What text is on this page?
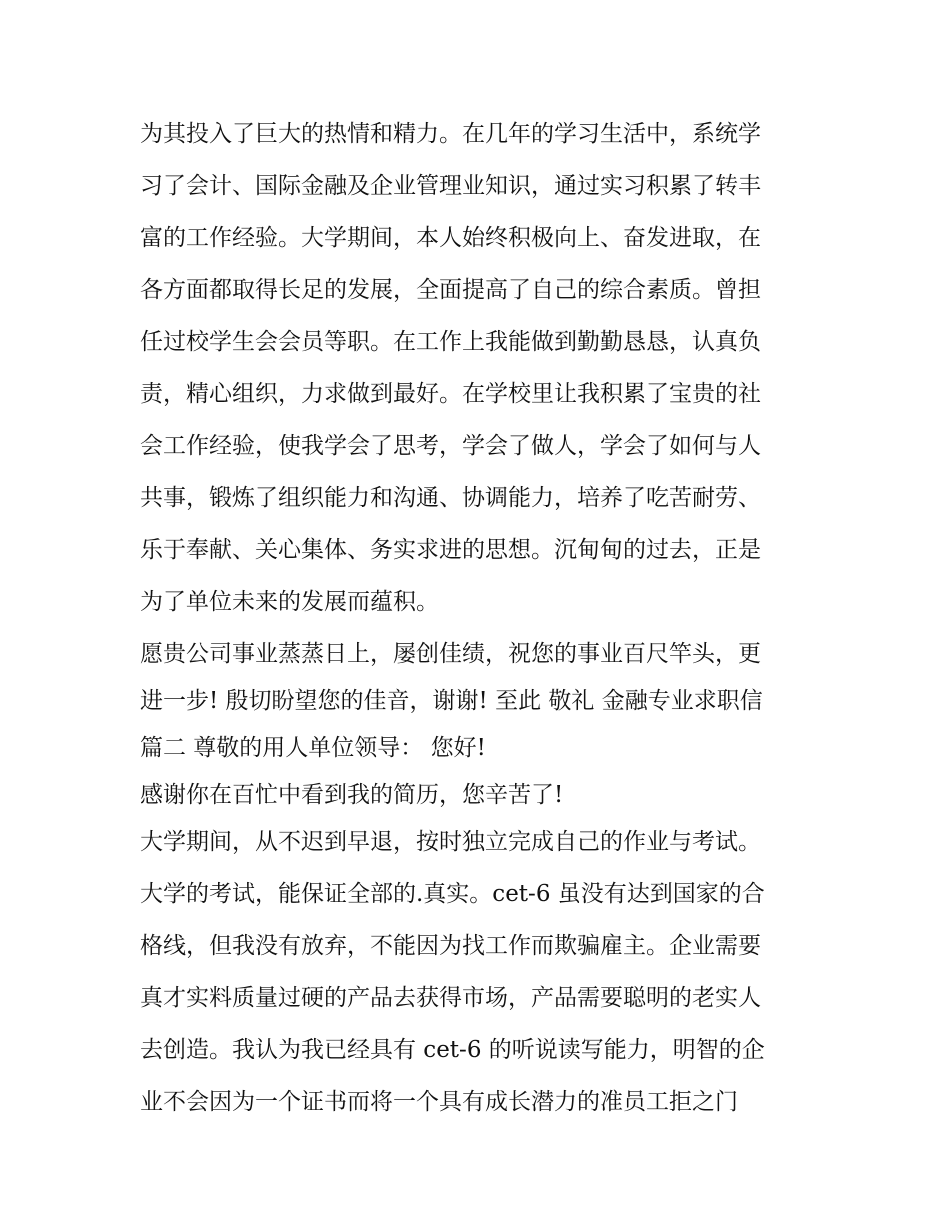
为其投入了巨大的热情和精力。在几年的学习生活中，系统学
习了会计、国际金融及企业管理业知识，通过实习积累了转丰
富的工作经验。大学期间，本人始终积极向上、奋发进取，在
各方面都取得长足的发展，全面提高了自己的综合素质。曾担
任过校学生会会员等职。在工作上我能做到勤勤恳恳，认真负
责，精心组织，力求做到最好。在学校里让我积累了宝贵的社
会工作经验，使我学会了思考，学会了做人，学会了如何与人
共事，锻炼了组织能力和沟通、协调能力，培养了吃苦耐劳、
乐于奉献、关心集体、务实求进的思想。沉甸甸的过去，正是
为了单位未来的发展而蕴积。
愿贵公司事业蒸蒸日上，屡创佳绩，祝您的事业百尺竿头，更
进一步! 殷切盼望您的佳音，谢谢! 至此 敬礼 金融专业求职信
篇二 尊敬的用人单位领导： 您好!
感谢你在百忙中看到我的简历，您辛苦了!
大学期间，从不迟到早退，按时独立完成自己的作业与考试。
大学的考试，能保证全部的.真实。cet-6 虽没有达到国家的合
格线，但我没有放弃，不能因为找工作而欺骗雇主。企业需要
真才实料质量过硬的产品去获得市场，产品需要聪明的老实人
去创造。我认为我已经具有 cet-6 的听说读写能力，明智的企
业不会因为一个证书而将一个具有成长潜力的准员工拒之门
